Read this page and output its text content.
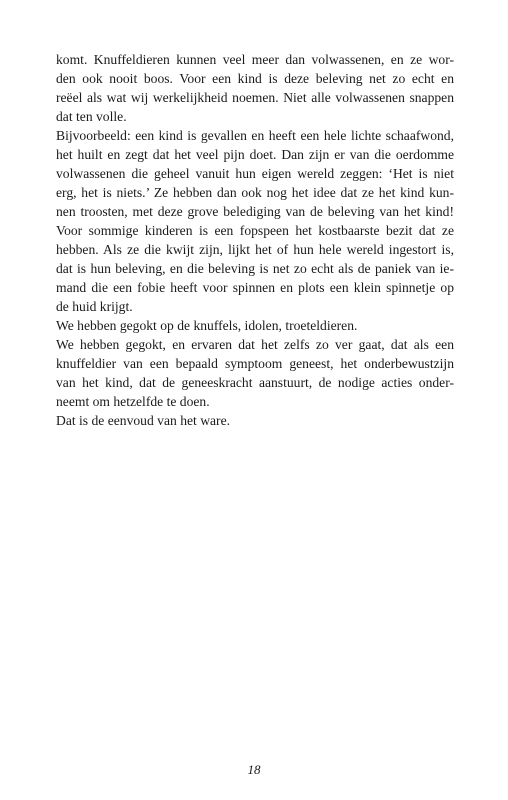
komt. Knuffeldieren kunnen veel meer dan volwassenen, en ze wor-
den ook nooit boos. Voor een kind is deze beleving net zo echt en
reëel als wat wij werkelijkheid noemen. Niet alle volwassenen snappen
dat ten volle.
Bijvoorbeeld: een kind is gevallen en heeft een hele lichte schaafwond,
het huilt en zegt dat het veel pijn doet. Dan zijn er van die oerdomme
volwassenen die geheel vanuit hun eigen wereld zeggen: ‘Het is niet
erg, het is niets.’ Ze hebben dan ook nog het idee dat ze het kind kun-
nen troosten, met deze grove belediging van de beleving van het kind!
Voor sommige kinderen is een fopspeen het kostbaarste bezit dat ze
hebben. Als ze die kwijt zijn, lijkt het of hun hele wereld ingestort is,
dat is hun beleving, en die beleving is net zo echt als de paniek van ie-
mand die een fobie heeft voor spinnen en plots een klein spinnetje op
de huid krijgt.
We hebben gegokt op de knuffels, idolen, troeteldieren.
We hebben gegokt, en ervaren dat het zelfs zo ver gaat, dat als een
knuffeldier van een bepaald symptoom geneest, het onderbewustzijn
van het kind, dat de geneeskracht aanstuurt, de nodige acties onder-
neemt om hetzelfde te doen.
Dat is de eenvoud van het ware.
18
